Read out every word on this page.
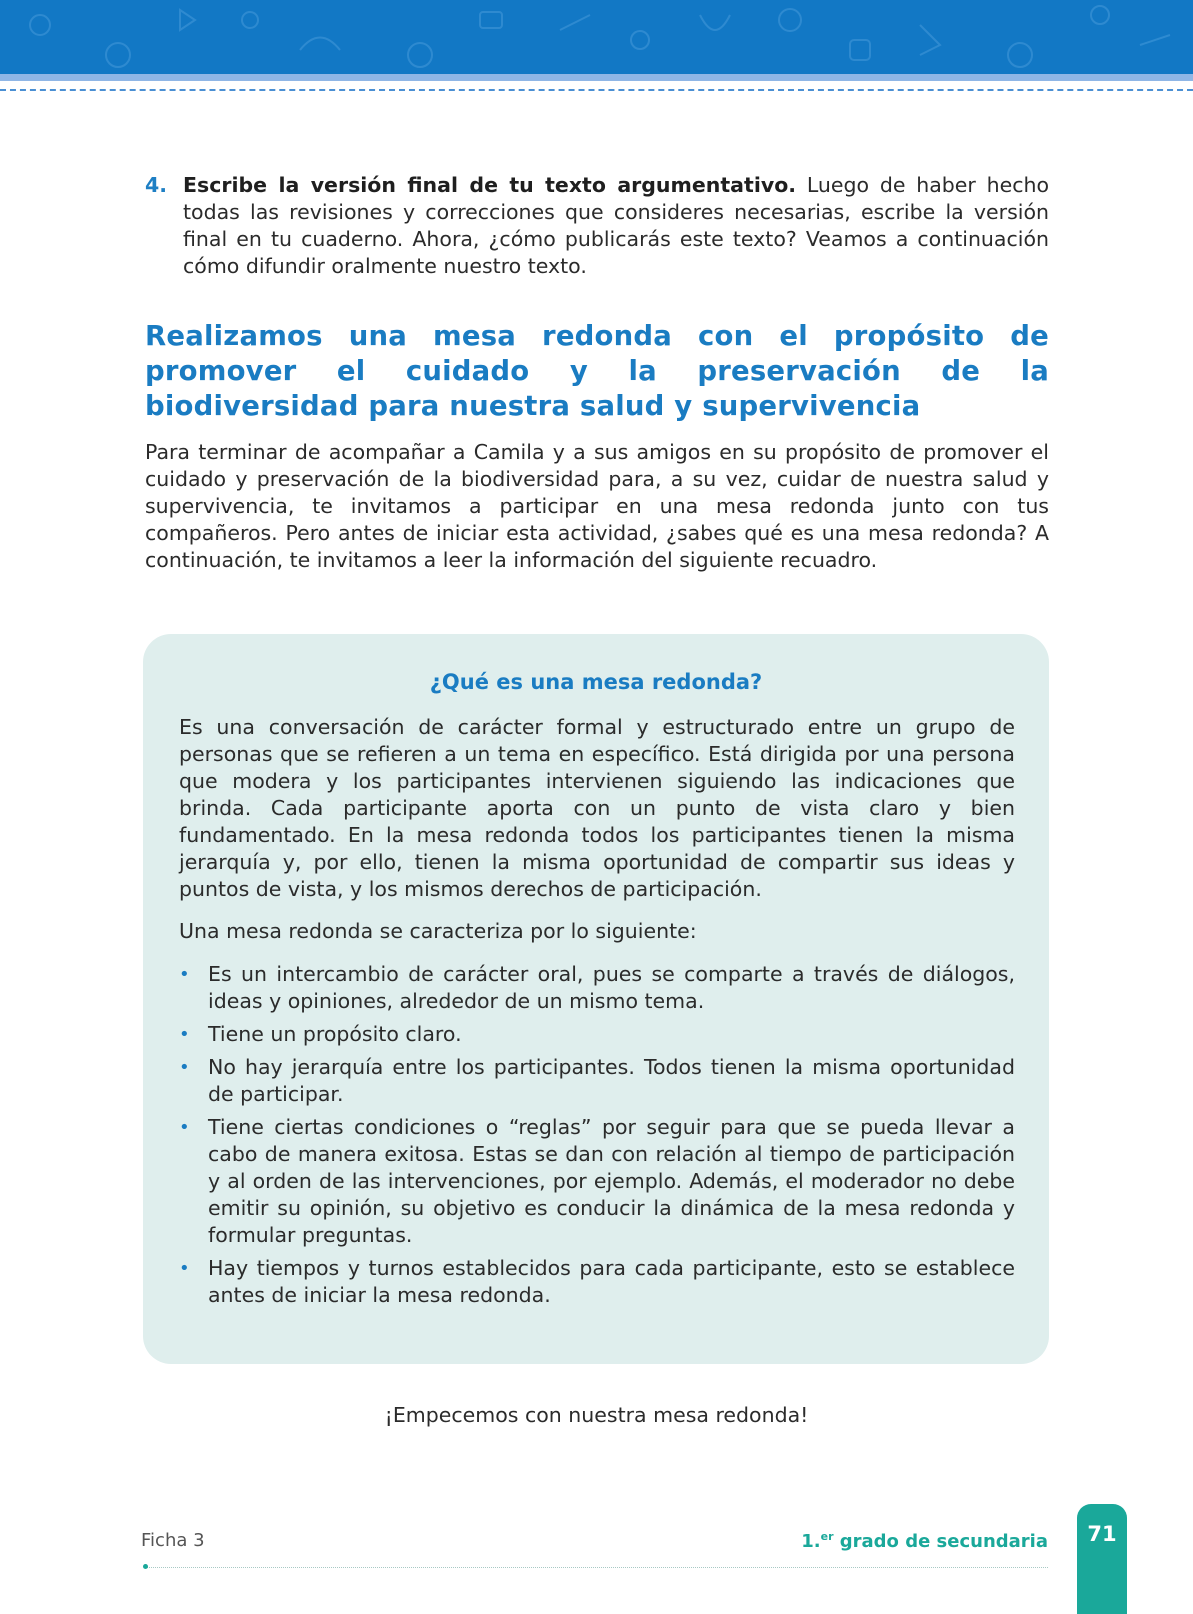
4. Escribe la versión final de tu texto argumentativo. Luego de haber hecho todas las revisiones y correcciones que consideres necesarias, escribe la versión final en tu cuaderno. Ahora, ¿cómo publicarás este texto? Veamos a continuación cómo difundir oralmente nuestro texto.
Realizamos una mesa redonda con el propósito de promover el cuidado y la preservación de la biodiversidad para nuestra salud y supervivencia
Para terminar de acompañar a Camila y a sus amigos en su propósito de promover el cuidado y preservación de la biodiversidad para, a su vez, cuidar de nuestra salud y supervivencia, te invitamos a participar en una mesa redonda junto con tus compañeros. Pero antes de iniciar esta actividad, ¿sabes qué es una mesa redonda? A continuación, te invitamos a leer la información del siguiente recuadro.
¿Qué es una mesa redonda?

Es una conversación de carácter formal y estructurado entre un grupo de personas que se refieren a un tema en específico. Está dirigida por una persona que modera y los participantes intervienen siguiendo las indicaciones que brinda. Cada participante aporta con un punto de vista claro y bien fundamentado. En la mesa redonda todos los participantes tienen la misma jerarquía y, por ello, tienen la misma oportunidad de compartir sus ideas y puntos de vista, y los mismos derechos de participación.

Una mesa redonda se caracteriza por lo siguiente:

• Es un intercambio de carácter oral, pues se comparte a través de diálogos, ideas y opiniones, alrededor de un mismo tema.
• Tiene un propósito claro.
• No hay jerarquía entre los participantes. Todos tienen la misma oportunidad de participar.
• Tiene ciertas condiciones o “reglas” por seguir para que se pueda llevar a cabo de manera exitosa. Estas se dan con relación al tiempo de participación y al orden de las intervenciones, por ejemplo. Además, el moderador no debe emitir su opinión, su objetivo es conducir la dinámica de la mesa redonda y formular preguntas.
• Hay tiempos y turnos establecidos para cada participante, esto se establece antes de iniciar la mesa redonda.
¡Empecemos con nuestra mesa redonda!
Ficha 3	1.$^{er}$ grado de secundaria	71
